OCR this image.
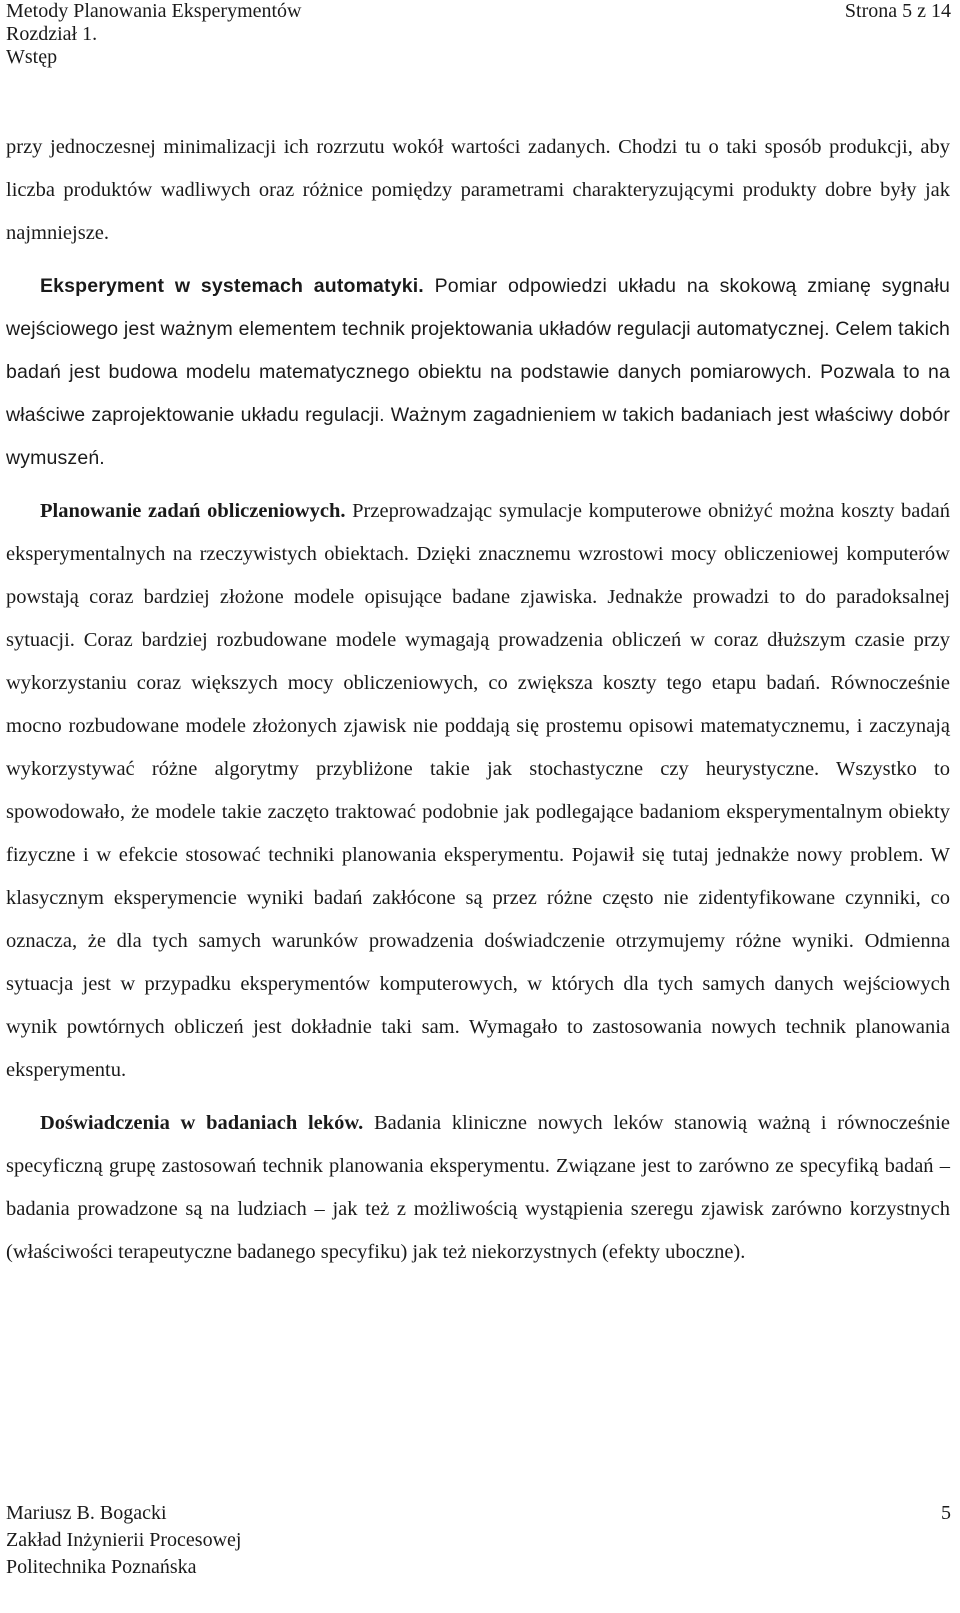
Metody Planowania Eksperymentów
Rozdział 1.
Wstęp
Strona 5 z 14

przy jednoczesnej minimalizacji ich rozrzutu wokół wartości zadanych. Chodzi tu o taki sposób produkcji, aby liczba produktów wadliwych oraz różnice pomiędzy parametrami charakteryzującymi produkty dobre były jak najmniejsze.

Eksperyment w systemach automatyki. Pomiar odpowiedzi układu na skokową zmianę sygnału wejściowego jest ważnym elementem technik projektowania układów regulacji automatycznej. Celem takich badań jest budowa modelu matematycznego obiektu na podstawie danych pomiarowych. Pozwala to na właściwe zaprojektowanie układu regulacji. Ważnym zagadnieniem w takich badaniach jest właściwy dobór wymuszeń.

Planowanie zadań obliczeniowych. Przeprowadzając symulacje komputerowe obniżyć można koszty badań eksperymentalnych na rzeczywistych obiektach. Dzięki znacznemu wzrostowi mocy obliczeniowej komputerów powstają coraz bardziej złożone modele opisujące badane zjawiska. Jednakże prowadzi to do paradoksalnej sytuacji. Coraz bardziej rozbudowane modele wymagają prowadzenia obliczeń w coraz dłuższym czasie przy wykorzystaniu coraz większych mocy obliczeniowych, co zwiększa koszty tego etapu badań. Równocześnie mocno rozbudowane modele złożonych zjawisk nie poddają się prostemu opisowi matematycznemu, i zaczynają wykorzystywać różne algorytmy przybliżone takie jak stochastyczne czy heurystyczne. Wszystko to spowodowało, że modele takie zaczęto traktować podobnie jak podlegające badaniom eksperymentalnym obiekty fizyczne i w efekcie stosować techniki planowania eksperymentu. Pojawił się tutaj jednakże nowy problem. W klasycznym eksperymencie wyniki badań zakłócone są przez różne często nie zidentyfikowane czynniki, co oznacza, że dla tych samych warunków prowadzenia doświadczenie otrzymujemy różne wyniki. Odmienna sytuacja jest w przypadku eksperymentów komputerowych, w których dla tych samych danych wejściowych wynik powtórnych obliczeń jest dokładnie taki sam. Wymagało to zastosowania nowych technik planowania eksperymentu.

Doświadczenia w badaniach leków. Badania kliniczne nowych leków stanowią ważną i równocześnie specyficzną grupę zastosowań technik planowania eksperymentu. Związane jest to zarówno ze specyfiką badań – badania prowadzone są na ludziach – jak też z możliwością wystąpienia szeregu zjawisk zarówno korzystnych (właściwości terapeutyczne badanego specyfiku) jak też niekorzystnych (efekty uboczne).

Mariusz B. Bogacki
Zakład Inżynierii Procesowej
Politechnika Poznańska
5
